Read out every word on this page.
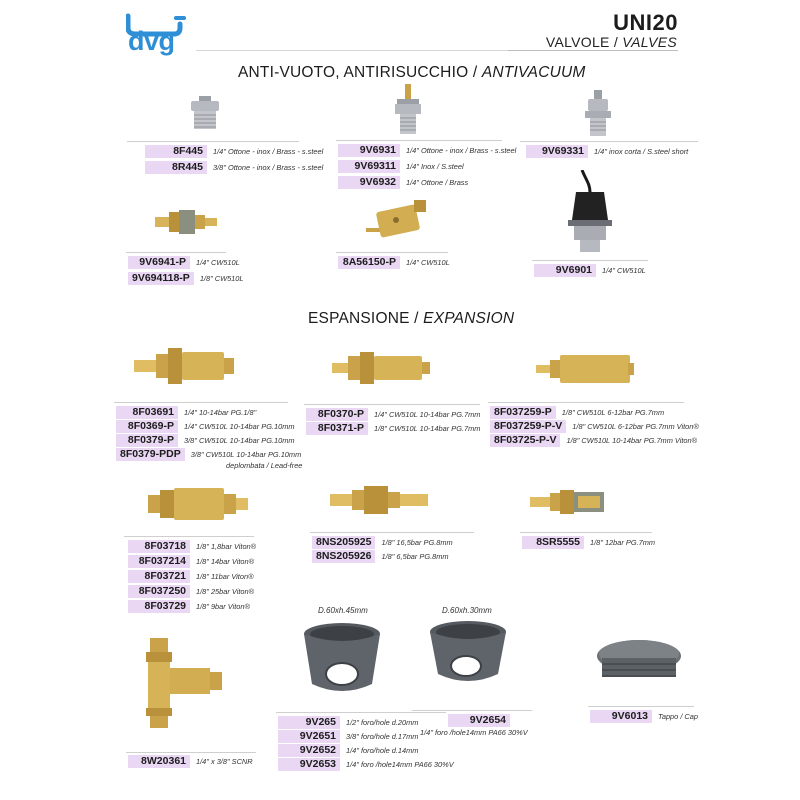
dvg
UNI20
VALVOLE / VALVES
ANTI-VUOTO, ANTIRISUCCHIO / ANTIVACUUM
8F445	1/4" Ottone - inox / Brass - s.steel
8R445	3/8" Ottone - inox / Brass - s.steel
9V6931	1/4" Ottone - inox / Brass - s.steel
9V69311	1/4" Inox / S.steel
9V6932	1/4" Ottone / Brass
9V69331	1/4" inox corta / S.steel short
9V6941-P	1/4" CW510L
9V694118-P	1/8" CW510L
8A56150-P	1/4" CW510L
9V6901	1/4" CW510L
ESPANSIONE / EXPANSION
8F03691	1/4" 10-14bar PG.1/8"
8F0369-P	1/4" CW510L 10-14bar PG.10mm
8F0379-P	3/8" CW510L 10-14bar PG.10mm
8F0379-PDP	3/8" CW510L 10-14bar PG.10mm
deplombata / Lead-free
8F0370-P	1/4" CW510L 10-14bar PG.7mm
8F0371-P	1/8" CW510L 10-14bar PG.7mm
8F037259-P	1/8" CW510L 6-12bar PG.7mm
8F037259-P-V	1/8" CW510L 6-12bar PG.7mm Viton®
8F03725-P-V	1/8" CW510L 10-14bar PG.7mm Viton®
8F03718	1/8" 1,8bar Viton®
8F037214	1/8" 14bar Viton®
8F03721	1/8" 11bar Viton®
8F037250	1/8" 25bar Viton®
8F03729	1/8" 9bar Viton®
8NS205925	1/8" 16,5bar PG.8mm
8NS205926	1/8" 6,5bar PG.8mm
8SR5555	1/8" 12bar PG.7mm
8W20361	1/4" x 3/8" SCNR
D.60xh.45mm
9V265	1/2" foro/hole d.20mm
9V2651	3/8" foro/hole d.17mm
9V2652	1/4" foro/hole d.14mm
9V2653	1/4" foro /hole14mm PA66 30%V
D.60xh.30mm
9V2654
1/4" foro /hole14mm PA66 30%V
9V6013	Tappo / Cap
